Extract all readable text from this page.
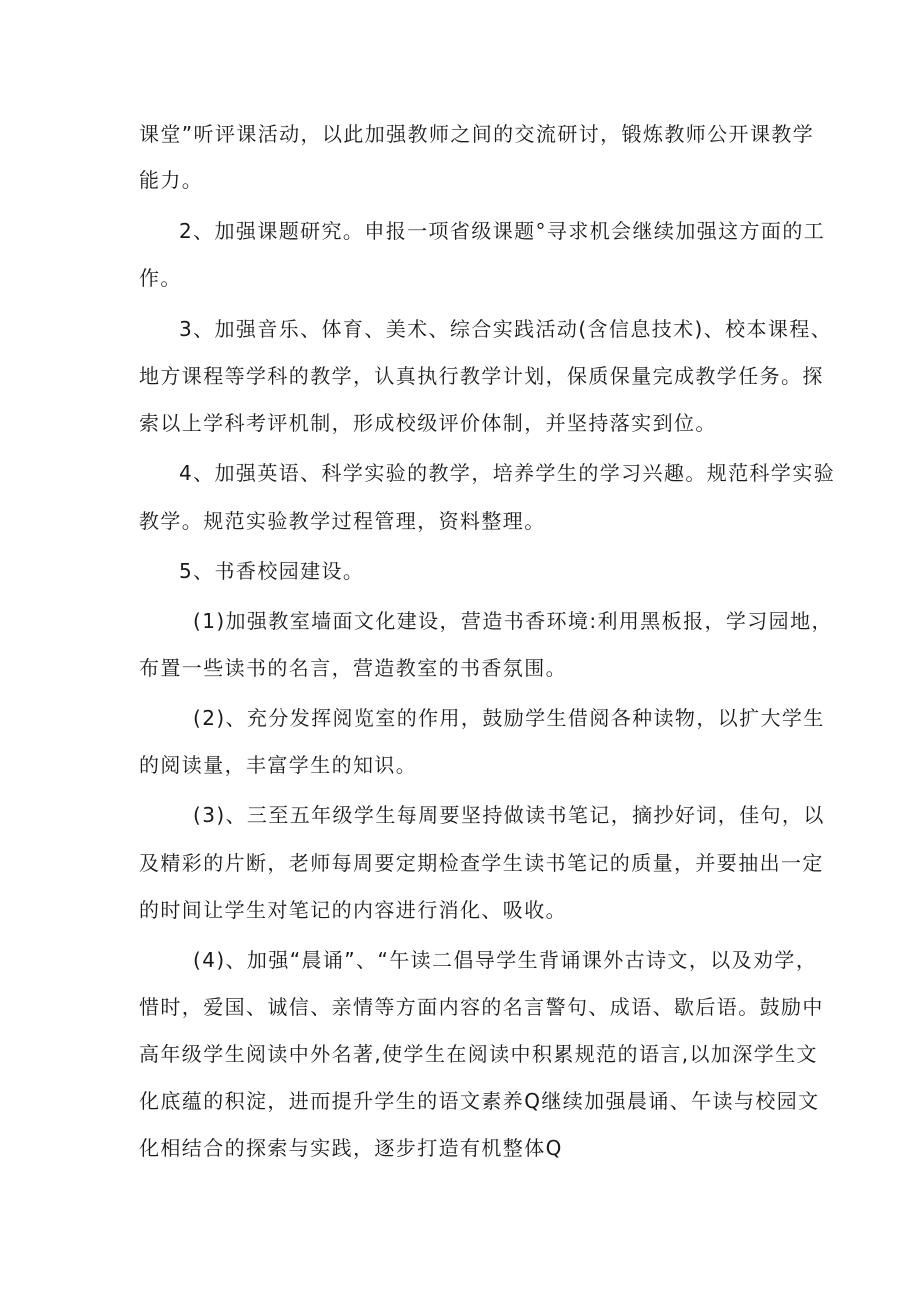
课堂”听评课活动，以此加强教师之间的交流研讨，锻炼教师公开课教学
能力。
2、加强课题研究。申报一项省级课题°寻求机会继续加强这方面的工
作。
3、加强音乐、体育、美术、综合实践活动(含信息技术)、校本课程、
地方课程等学科的教学，认真执行教学计划，保质保量完成教学任务。探
索以上学科考评机制，形成校级评价体制，并坚持落实到位。
4、加强英语、科学实验的教学，培养学生的学习兴趣。规范科学实验
教学。规范实验教学过程管理，资料整理。
5、书香校园建设。
(1)加强教室墙面文化建设，营造书香环境:利用黑板报，学习园地，
布置一些读书的名言，营造教室的书香氛围。
(2)、充分发挥阅览室的作用，鼓励学生借阅各种读物，以扩大学生
的阅读量，丰富学生的知识。
(3)、三至五年级学生每周要坚持做读书笔记，摘抄好词，佳句，以
及精彩的片断，老师每周要定期检查学生读书笔记的质量，并要抽出一定
的时间让学生对笔记的内容进行消化、吸收。
(4)、加强“晨诵”、“午读二倡导学生背诵课外古诗文，以及劝学，
惜时，爱国、诚信、亲情等方面内容的名言警句、成语、歇后语。鼓励中
高年级学生阅读中外名著,使学生在阅读中积累规范的语言,以加深学生文
化底蕴的积淀，进而提升学生的语文素养Q继续加强晨诵、午读与校园文
化相结合的探索与实践，逐步打造有机整体Q
